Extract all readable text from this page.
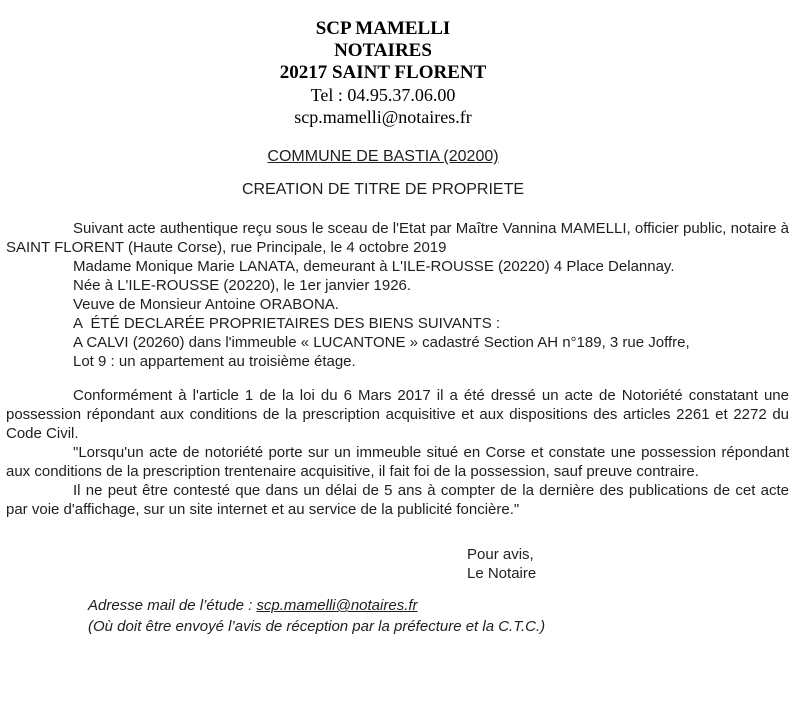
SCP MAMELLI
NOTAIRES
20217 SAINT FLORENT
Tel : 04.95.37.06.00
scp.mamelli@notaires.fr
COMMUNE DE BASTIA (20200)
CREATION DE TITRE DE PROPRIETE

Suivant acte authentique reçu sous le sceau de l'Etat par Maître Vannina MAMELLI, officier public, notaire à SAINT FLORENT (Haute Corse), rue Principale, le 4 octobre 2019

Madame Monique Marie LANATA, demeurant à L'ILE-ROUSSE (20220) 4 Place Delannay.
Née à L'ILE-ROUSSE (20220), le 1er janvier 1926.
Veuve de Monsieur Antoine ORABONA.
A  ÉTÉ DECLARÉE PROPRIETAIRES DES BIENS SUIVANTS :
A CALVI (20260) dans l'immeuble « LUCANTONE » cadastré Section AH n°189, 3 rue Joffre,
Lot 9 : un appartement au troisième étage.

Conformément à l'article 1 de la loi du 6 Mars 2017 il a été dressé un acte de Notoriété constatant une possession répondant aux conditions de la prescription acquisitive et aux dispositions des articles 2261 et 2272 du Code Civil.

"Lorsqu'un acte de notoriété porte sur un immeuble situé en Corse et constate une possession répondant aux conditions de la prescription trentenaire acquisitive, il fait foi de la possession, sauf preuve contraire.

Il ne peut être contesté que dans un délai de 5 ans à compter de la dernière des publications de cet acte par voie d'affichage, sur un site internet et au service de la publicité foncière."

Pour avis,
Le Notaire
Adresse mail de l’étude : scp.mamelli@notaires.fr
(Où doit être envoyé l’avis de réception par la préfecture et la C.T.C.)
